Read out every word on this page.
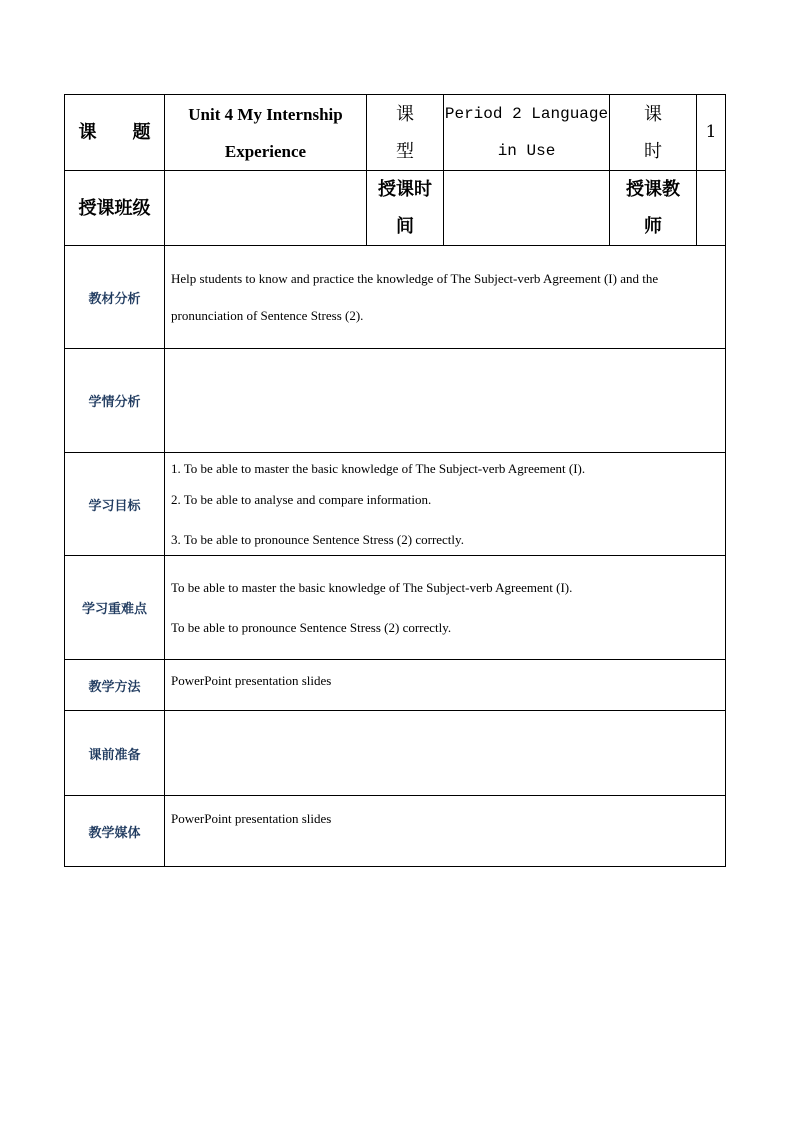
课　题	Unit 4 My Internship Experience	课　型	Period 2 Language in Use	课　时	1
授课班级		授课时间		授课教师	
教材分析	Help students to know and practice the knowledge of The Subject-verb Agreement (I) and the pronunciation of Sentence Stress (2).				

学情分析					
学习目标	1. To be able to master the basic knowledge of The Subject-verb Agreement (I).

2. To be able to analyse and compare information.

3. To be able to pronounce Sentence Stress (2) correctly.				

学习重难点	To be able to master the basic knowledge of The Subject-verb Agreement (I).

To be able to pronounce Sentence Stress (2) correctly.				

教学方法	PowerPoint presentation slides				

课前准备					
教学媒体	PowerPoint presentation slides				
